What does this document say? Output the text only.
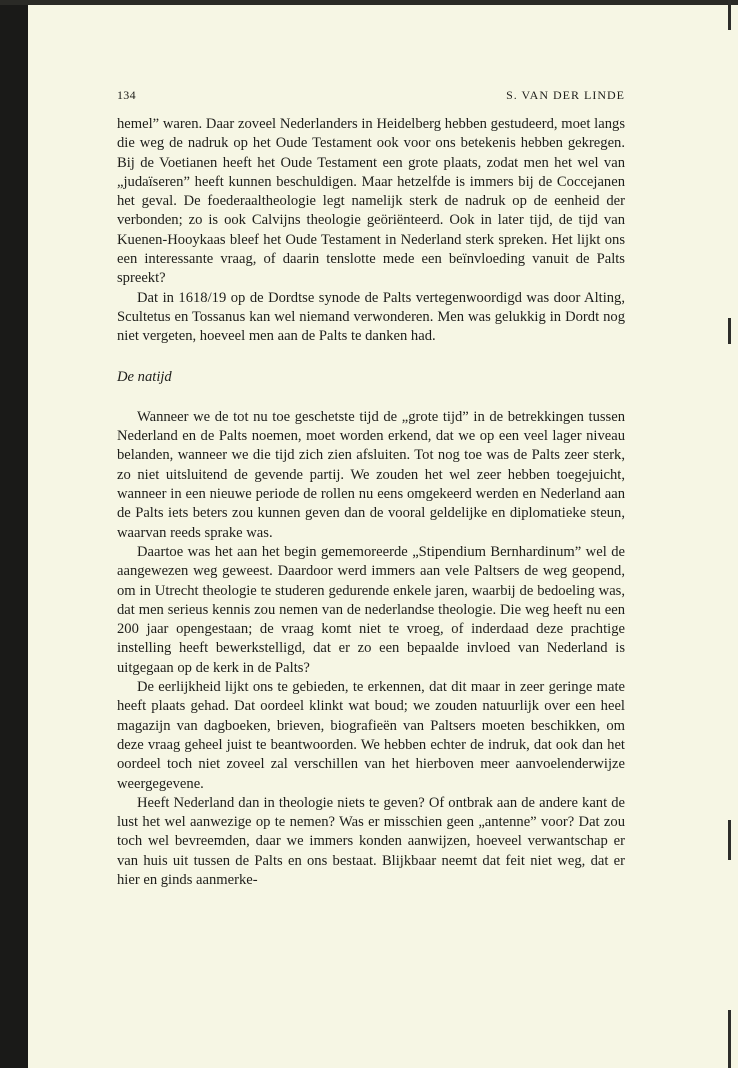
134	S. VAN DER LINDE

hemel” waren. Daar zoveel Nederlanders in Heidelberg hebben gestudeerd, moet langs die weg de nadruk op het Oude Testament ook voor ons betekenis hebben gekregen. Bij de Voetianen heeft het Oude Testament een grote plaats, zodat men het wel van „judaïseren” heeft kunnen beschuldigen. Maar hetzelfde is immers bij de Coccejanen het geval. De foederaaltheologie legt namelijk sterk de nadruk op de eenheid der verbonden; zo is ook Calvijns theologie geöriënteerd. Ook in later tijd, de tijd van Kuenen-Hooykaas bleef het Oude Testament in Nederland sterk spreken. Het lijkt ons een interessante vraag, of daarin tenslotte mede een beïnvloeding vanuit de Palts spreekt?

Dat in 1618/19 op de Dordtse synode de Palts vertegenwoordigd was door Alting, Scultetus en Tossanus kan wel niemand verwonderen. Men was gelukkig in Dordt nog niet vergeten, hoeveel men aan de Palts te danken had.

De natijd

Wanneer we de tot nu toe geschetste tijd de „grote tijd” in de betrekkingen tussen Nederland en de Palts noemen, moet worden erkend, dat we op een veel lager niveau belanden, wanneer we die tijd zich zien afsluiten. Tot nog toe was de Palts zeer sterk, zo niet uitsluitend de gevende partij. We zouden het wel zeer hebben toegejuicht, wanneer in een nieuwe periode de rollen nu eens omgekeerd werden en Nederland aan de Palts iets beters zou kunnen geven dan de vooral geldelijke en diplomatieke steun, waarvan reeds sprake was.

Daartoe was het aan het begin gememoreerde „Stipendium Bernhardinum” wel de aangewezen weg geweest. Daardoor werd immers aan vele Paltsers de weg geopend, om in Utrecht theologie te studeren gedurende enkele jaren, waarbij de bedoeling was, dat men serieus kennis zou nemen van de nederlandse theologie. Die weg heeft nu een 200 jaar opengestaan; de vraag komt niet te vroeg, of inderdaad deze prachtige instelling heeft bewerkstelligd, dat er zo een bepaalde invloed van Nederland is uitgegaan op de kerk in de Palts?

De eerlijkheid lijkt ons te gebieden, te erkennen, dat dit maar in zeer geringe mate heeft plaats gehad. Dat oordeel klinkt wat boud; we zouden natuurlijk over een heel magazijn van dagboeken, brieven, biografieën van Paltsers moeten beschikken, om deze vraag geheel juist te beantwoorden. We hebben echter de indruk, dat ook dan het oordeel toch niet zoveel zal verschillen van het hierboven meer aanvoelenderwijze weergegevene.

Heeft Nederland dan in theologie niets te geven? Of ontbrak aan de andere kant de lust het wel aanwezige op te nemen? Was er misschien geen „antenne” voor? Dat zou toch wel bevreemden, daar we immers konden aanwijzen, hoeveel verwantschap er van huis uit tussen de Palts en ons bestaat. Blijkbaar neemt dat feit niet weg, dat er hier en ginds aanmerke-
